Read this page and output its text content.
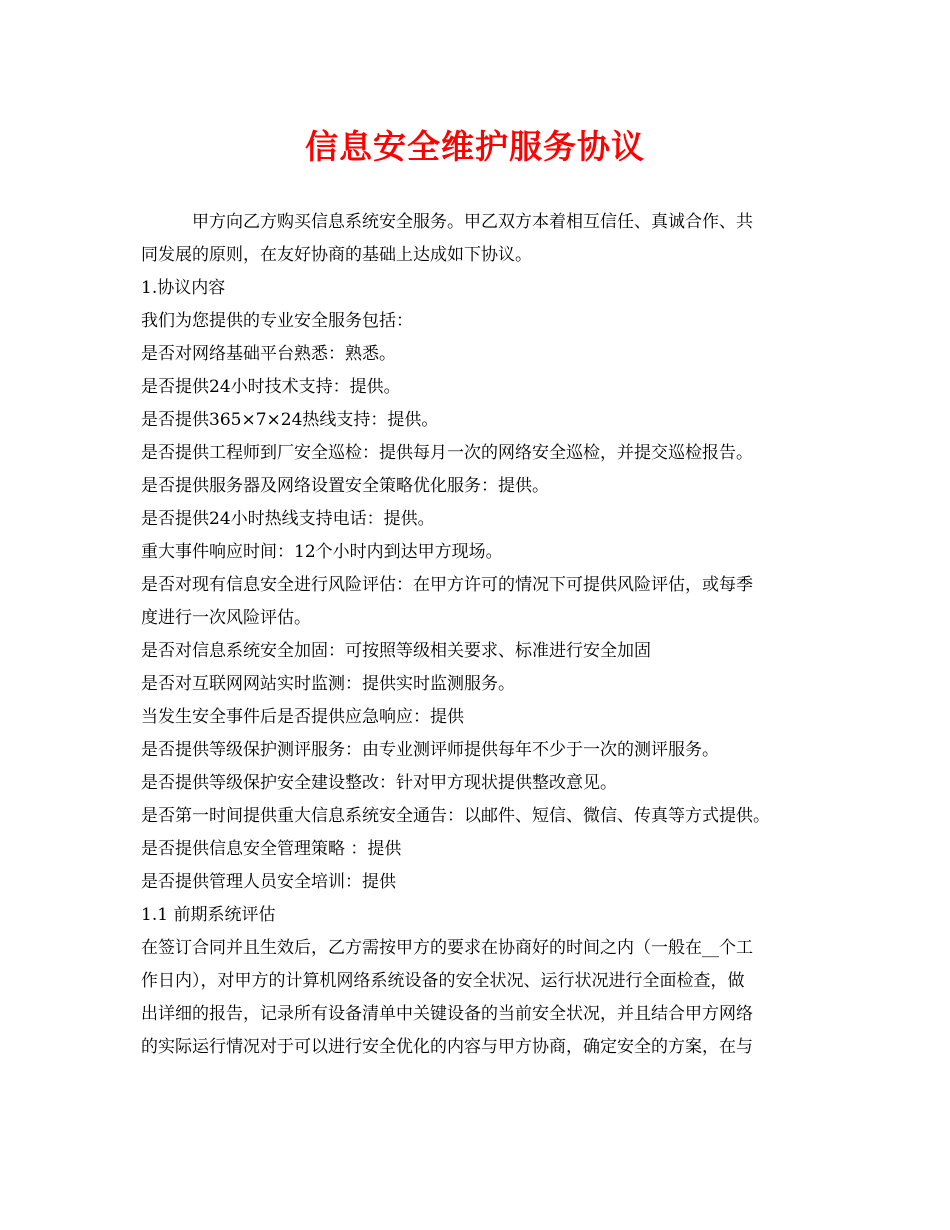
信息安全维护服务协议

　　　甲方向乙方购买信息系统安全服务。甲乙双方本着相互信任、真诚合作、共

同发展的原则，在友好协商的基础上达成如下协议。

1.协议内容

我们为您提供的专业安全服务包括：

是否对网络基础平台熟悉：熟悉。

是否提供24小时技术支持：提供。

是否提供365×7×24热线支持：提供。

是否提供工程师到厂安全巡检：提供每月一次的网络安全巡检，并提交巡检报告。

是否提供服务器及网络设置安全策略优化服务：提供。

是否提供24小时热线支持电话：提供。

重大事件响应时间：12个小时内到达甲方现场。

是否对现有信息安全进行风险评估：在甲方许可的情况下可提供风险评估，或每季

度进行一次风险评估。

是否对信息系统安全加固：可按照等级相关要求、标准进行安全加固

是否对互联网网站实时监测：提供实时监测服务。

当发生安全事件后是否提供应急响应：提供

是否提供等级保护测评服务：由专业测评师提供每年不少于一次的测评服务。

是否提供等级保护安全建设整改：针对甲方现状提供整改意见。

是否第一时间提供重大信息系统安全通告：以邮件、短信、微信、传真等方式提供。

是否提供信息安全管理策略 ：提供

是否提供管理人员安全培训：提供

1.1 前期系统评估

在签订合同并且生效后，乙方需按甲方的要求在协商好的时间之内（一般在__个工

作日内），对甲方的计算机网络系统设备的安全状况、运行状况进行全面检查，做

出详细的报告，记录所有设备清单中关键设备的当前安全状况，并且结合甲方网络

的实际运行情况对于可以进行安全优化的内容与甲方协商，确定安全的方案，在与
